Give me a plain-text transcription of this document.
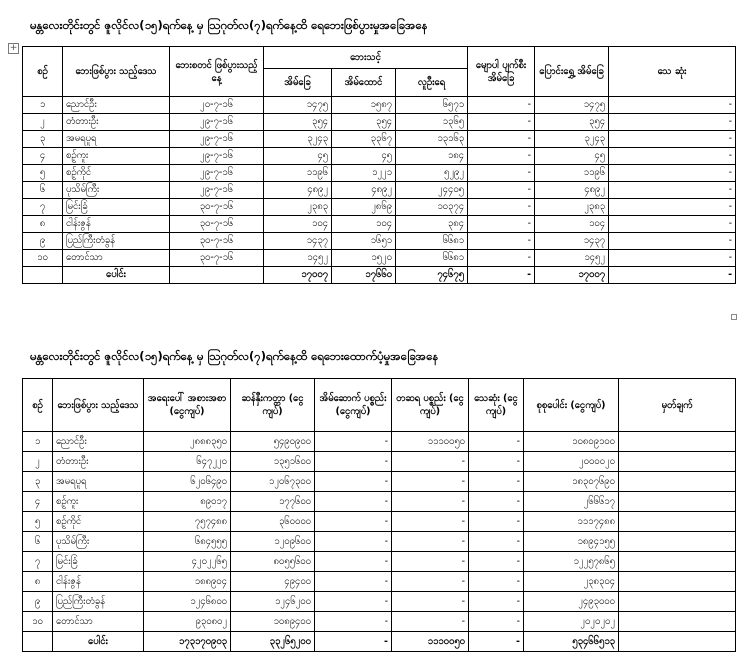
မန္တလေးတိုင်းတွင် ဇူလိုင်လ(၁၅)ရက်နေ့ မှ ဩဂုတ်လ(၇)ရက်နေ့ထိ ရေဘေးဖြစ်ပွားမှုအခြေအနေ
+
စဥ်	ဘေးဖြစ်ပွား သည့်ဒေသ	ဘေးစတင် ဖြစ်ပွားသည့်နေ့	ဘေးသင့်			မျောပါ ပျက်စီး အိမ်ခြေ	ပြောင်းရွှေ့ အိမ်ခြေ	သေ ဆုံး
			အိမ်ခြေ	အိမ်ထောင်	လူဦးရေ			
၁	ညောင်ဦး	၂၀-၇-၁၆	၁၄၇၅	၁၅၈၇	၆၅၇၁	-	၁၄၇၅	-
၂	တံတားဦး	၂၉-၇-၁၆	၃၅၄	၃၅၄	၁၃၆၅	-	၃၅၄	-
၃	အမရပူရ	၂၉-၇-၁၆	၃၂၄၃	၃၃၆၇	၁၃၁၆၃	-	၃၂၄၃	-
၄	စဥ့်ကူး	၂၉-၇-၁၆	၄၅	၄၅	၁၈၄	-	၄၅	-
၅	စဥ့်ကိုင်	၂၉-၇-၁၆	၁၁၉၆	၁၂၂၁	၅၂၉၂	-	၁၁၉၆	-
၆	ပုသိမ်ကြီး	၂၉-၇-၁၆	၄၈၉၂	၄၈၉၂	၂၄၄၀၅	-	၄၈၉၂	-
၇	မြင်းခြံ	၃၀-၇-၁၆	၂၃၈၃	၂၈၆၉	၁၀၃၇၄	-	၂၃၈၃	-
၈	ငါန်းဇွန်	၃၀-၇-၁၆	၁၀၄	၁၀၄	၃၈၄	-	၁၀၄	-
၉	ပြည်ကြီးတံခွန်	၃၀-၇-၁၆	၁၄၃၇	၁၆၅၁	၆၆၈၁	-	၁၄၃၇	-
၁၀	တောင်သာ	၃၀-၇-၁၆	၁၄၅၂	၁၅၂၀	၆၆၈၁	-	၁၄၅၂	-
	ပေါင်း		၁၇၀၀၇	၁၇၆၆၀	၇၄၆၇၅	-	၁၇၀၀၇	-
မန္တလေးတိုင်းတွင် ဇူလိုင်လ(၁၅)ရက်နေ့ မှ ဩဂုတ်လ(၇)ရက်နေ့ထိ ရေဘေးထောက်ပံ့မှုအခြေအနေ
စဥ်	ဘေးဖြစ်ပွား သည့်ဒေသ	အရေးပေါ် အစားအစာ (ငွေကျပ်)	ဆန်နှီးကတ္တာ (ငွေကျပ်)	အိမ်ဆောက် ပစ္စည်း (ငွေကျပ်)	တဆရ ပစ္စည်း (ငွေကျပ်)	သေဆုံး (ငွေကျပ်)	စုစုပေါင်း (ငွေကျပ်)	မှတ်ချက်
၁	ညောင်ဦး	၂၈၈၈၃၅၀	၅၄၉၀၉၀၀	-	၁၁၁၀၀၅၀	-	၁၀၈၀၉၁၀၀	
၂	တံတားဦး	၆၄၇၂၂၀	၁၃၅၁၆၀၀	-	-	-	၂၀၀၀၀၂၀	
၃	အမရပူရ	၆၂၀၆၄၉၀	၁၂၀၆၇၃၀၀	-	-	-	၁၈၃၀၇၆၉၀	
၄	စဥ့်ကူး	၈၉၀၁၇	၁၇၇၆၀၀	-	-	-	၂၆၆၆၁၇	
၅	စဥ့်ကိုင်	၇၅၇၄၈၈	၃၆၀၀၀၀	-	-	-	၁၁၁၇၄၈၈	
၆	ပုသိမ်ကြီး	၆၈၄၅၅၅	၁၂၀၉၆၀၀	-	-	-	၁၈၉၄၁၅၅	
၇	မြင်းခြံ	၄၂၀၂၂၆၅	၈၀၅၅၆၀၀	-	-	-	၁၂၂၅၇၈၆၅	
၈	ငါန်းဇွန်	၁၈၈၉၀၄	၄၉၄၀၀	-	-	-	၂၃၈၃၀၄	
၉	ပြည်ကြီးတံခွန်	၁၂၄၆၈၀၀	၁၂၄၆၂၀၀	-	-	-	၂၄၉၃၀၀၀	
၁၀	တောင်သာ	၉၃၀၈၀၂	၁၀၈၉၄၀၀	-	-	-	၂၀၂၀၂၀၂	
	ပေါင်း	၁၇၃၁၇၀၉၀၃	၃၃၂၆၅၂၀၀	-	၁၁၁၀၀၅၀	-	၅၃၄၆၆၅၁၃	
